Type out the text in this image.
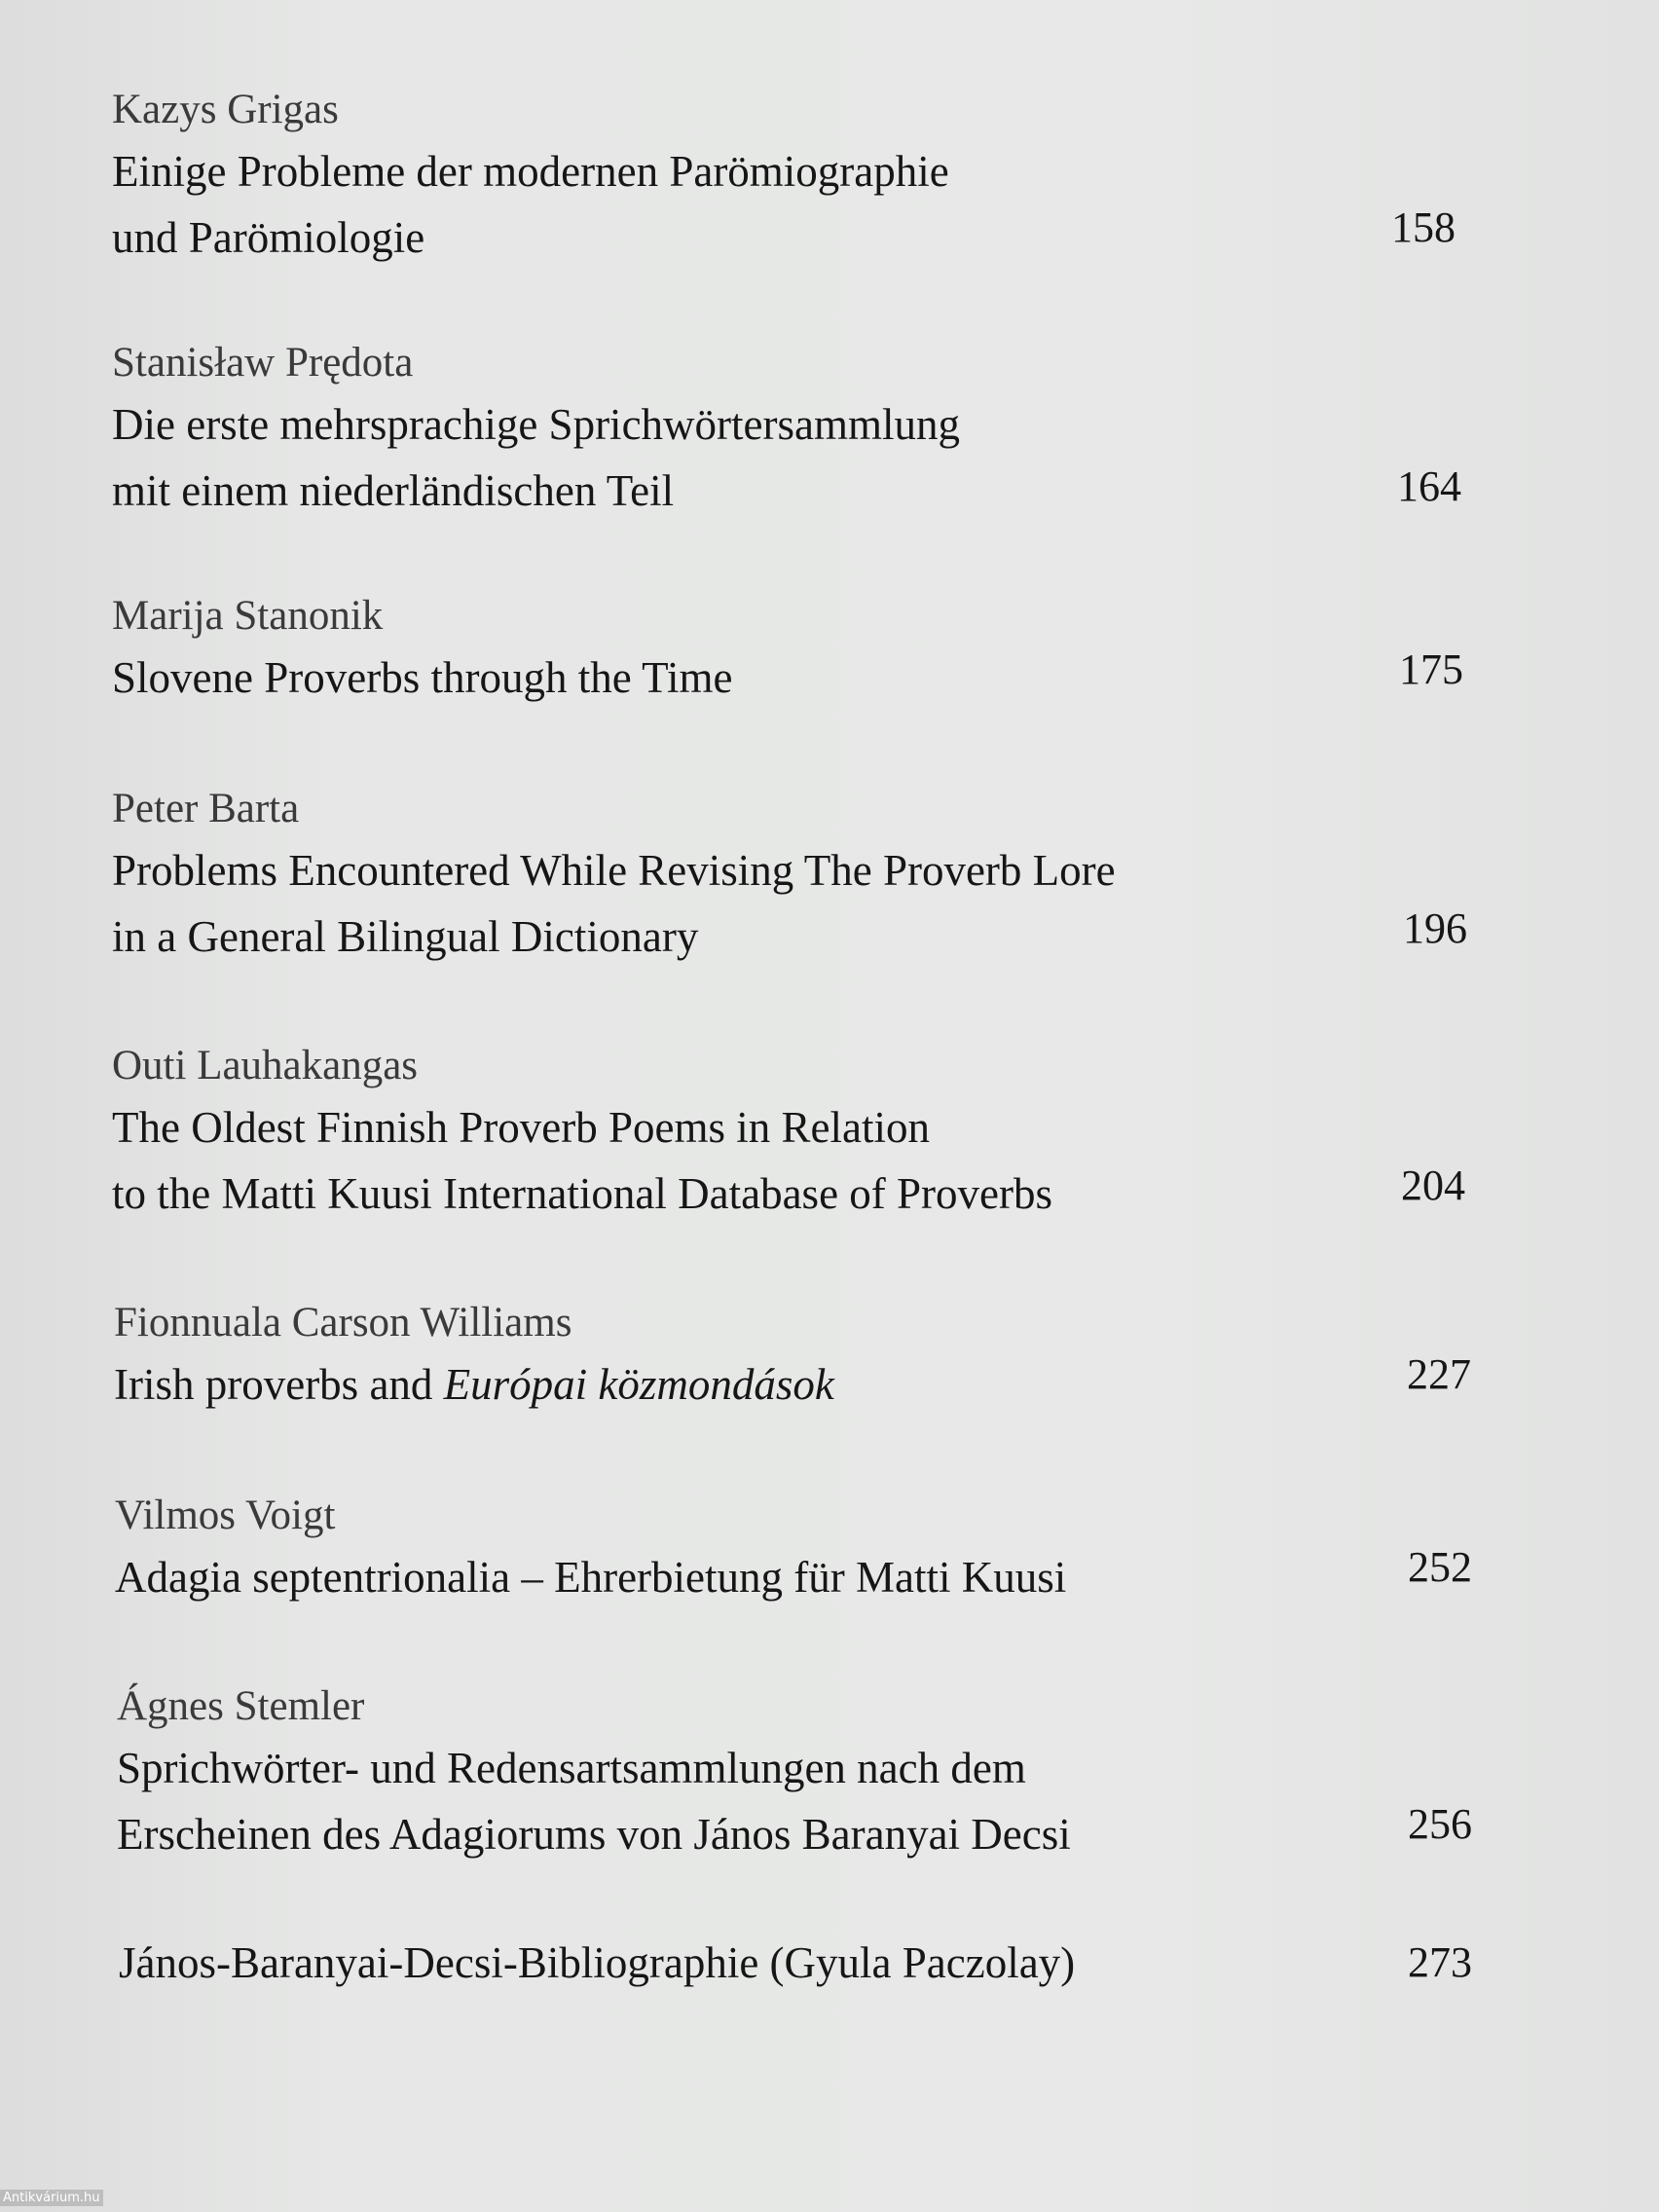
Kazys Grigas
Einige Probleme der modernen Parömiographie
und Parömiologie	158
Stanisław Prędota
Die erste mehrsprachige Sprichwörtersammlung
mit einem niederländischen Teil	164
Marija Stanonik
Slovene Proverbs through the Time	175
Peter Barta
Problems Encountered While Revising The Proverb Lore
in a General Bilingual Dictionary	196
Outi Lauhakangas
The Oldest Finnish Proverb Poems in Relation
to the Matti Kuusi International Database of Proverbs	204
Fionnuala Carson Williams
Irish proverbs and Európai közmondások	227
Vilmos Voigt
Adagia septentrionalia – Ehrerbietung für Matti Kuusi	252
Ágnes Stemler
Sprichwörter- und Redensartsammlungen nach dem
Erscheinen des Adagiorums von János Baranyai Decsi	256
János-Baranyai-Decsi-Bibliographie (Gyula Paczolay)	273
Antikvárium.hu
